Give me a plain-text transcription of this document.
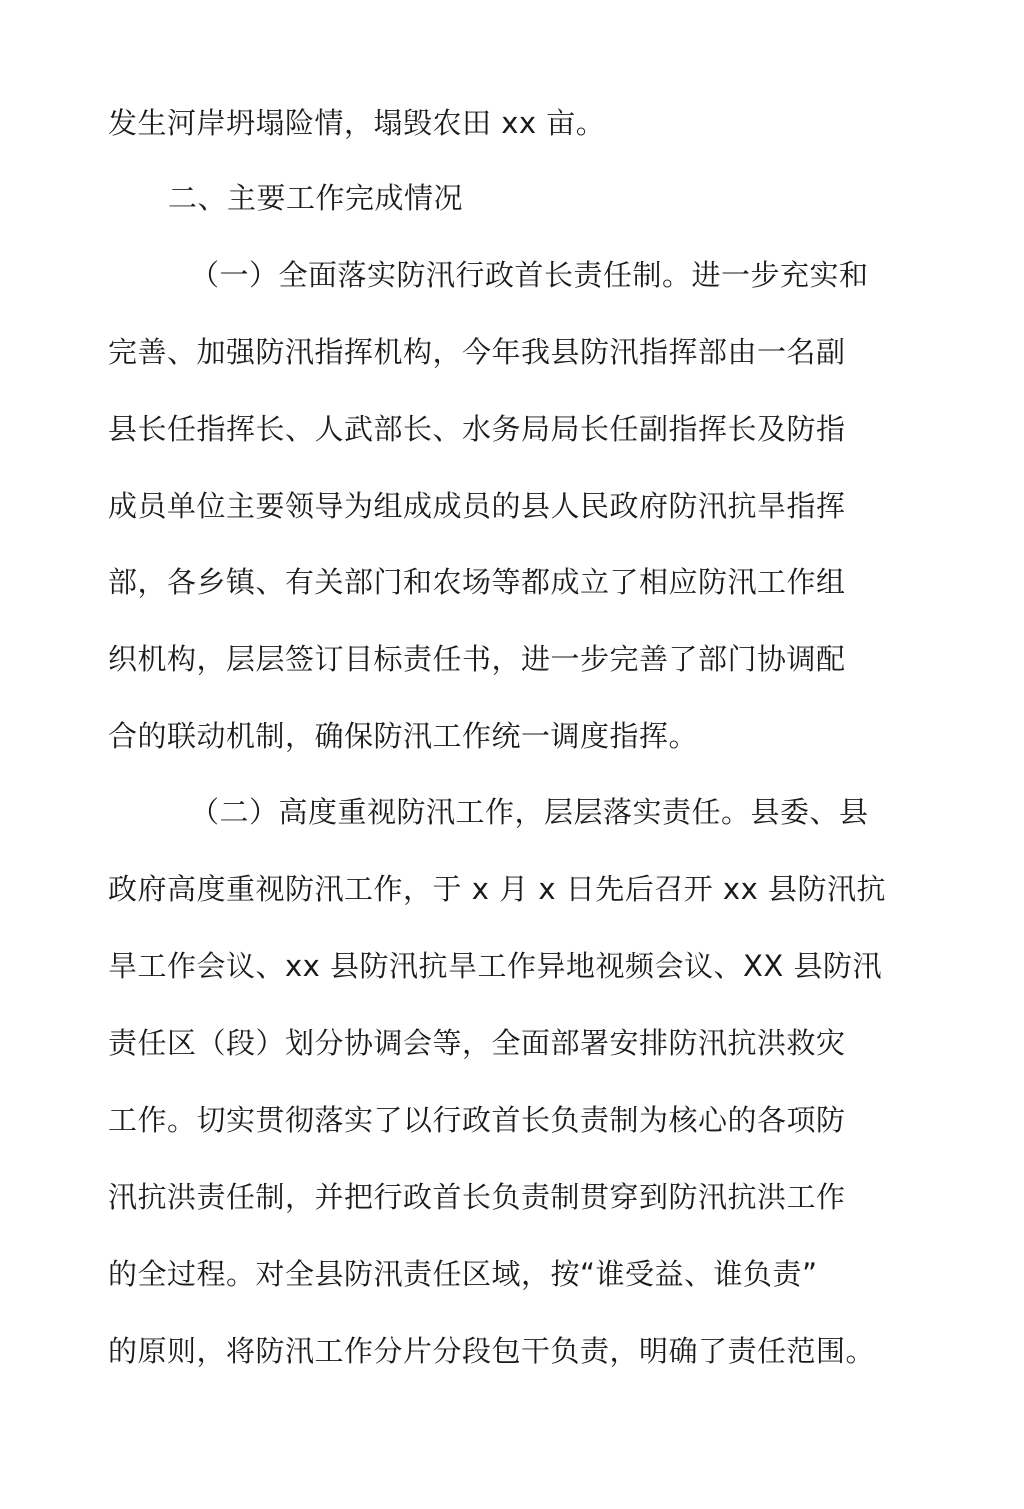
发生河岸坍塌险情，塌毁农田 xx 亩。
二、主要工作完成情况
（一）全面落实防汛行政首长责任制。进一步充实和
完善、加强防汛指挥机构，今年我县防汛指挥部由一名副
县长任指挥长、人武部长、水务局局长任副指挥长及防指
成员单位主要领导为组成成员的县人民政府防汛抗旱指挥
部，各乡镇、有关部门和农场等都成立了相应防汛工作组
织机构，层层签订目标责任书，进一步完善了部门协调配
合的联动机制，确保防汛工作统一调度指挥。
（二）高度重视防汛工作，层层落实责任。县委、县
政府高度重视防汛工作，于 x 月 x 日先后召开 xx 县防汛抗
旱工作会议、xx 县防汛抗旱工作异地视频会议、XX 县防汛
责任区（段）划分协调会等，全面部署安排防汛抗洪救灾
工作。切实贯彻落实了以行政首长负责制为核心的各项防
汛抗洪责任制，并把行政首长负责制贯穿到防汛抗洪工作
的全过程。对全县防汛责任区域，按“谁受益、谁负责”
的原则，将防汛工作分片分段包干负责，明确了责任范围。
